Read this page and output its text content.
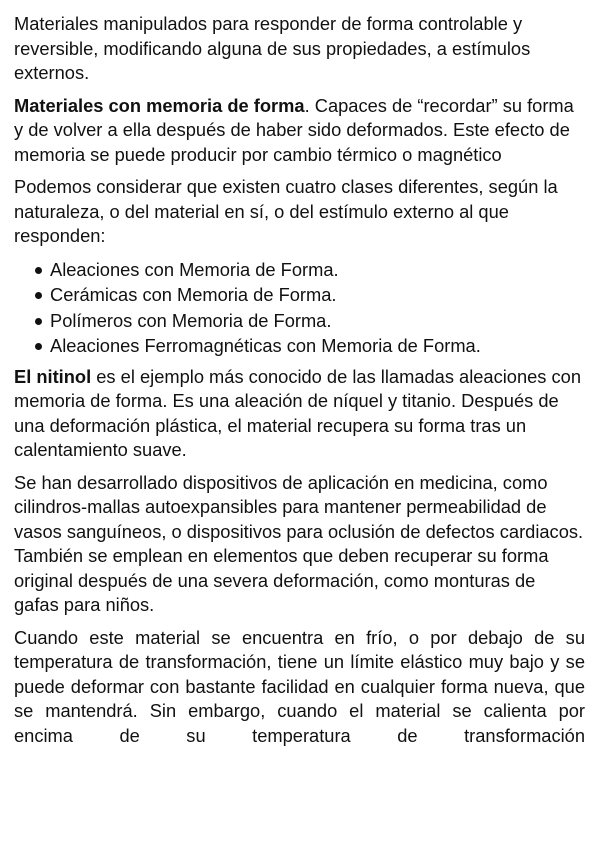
Materiales manipulados para responder de forma controlable y reversible, modificando alguna de sus propiedades, a estímulos externos.

Materiales con memoria de forma. Capaces de “recordar” su forma y de volver a ella después de haber sido deformados. Este efecto de memoria se puede producir por cambio térmico o magnético

Podemos considerar que existen cuatro clases diferentes, según la naturaleza, o del material en sí, o del estímulo externo al que responden:

Aleaciones con Memoria de Forma.
Cerámicas con Memoria de Forma.
Polímeros con Memoria de Forma.
Aleaciones Ferromagnéticas con Memoria de Forma.

El nitinol es el ejemplo más conocido de las llamadas aleaciones con memoria de forma. Es una aleación de níquel y titanio. Después de una deformación plástica, el material recupera su forma tras un calentamiento suave.

Se han desarrollado dispositivos de aplicación en medicina, como cilindros-mallas autoexpansibles para mantener permeabilidad de vasos sanguíneos, o dispositivos para oclusión de defectos cardiacos. También se emplean en elementos que deben recuperar su forma original después de una severa deformación, como monturas de gafas para niños.

Cuando este material se encuentra en frío, o por debajo de su temperatura de transformación, tiene un límite elástico muy bajo y se puede deformar con bastante facilidad en cualquier forma nueva, que se mantendrá. Sin embargo, cuando el material se calienta por encima de su temperatura de transformación
